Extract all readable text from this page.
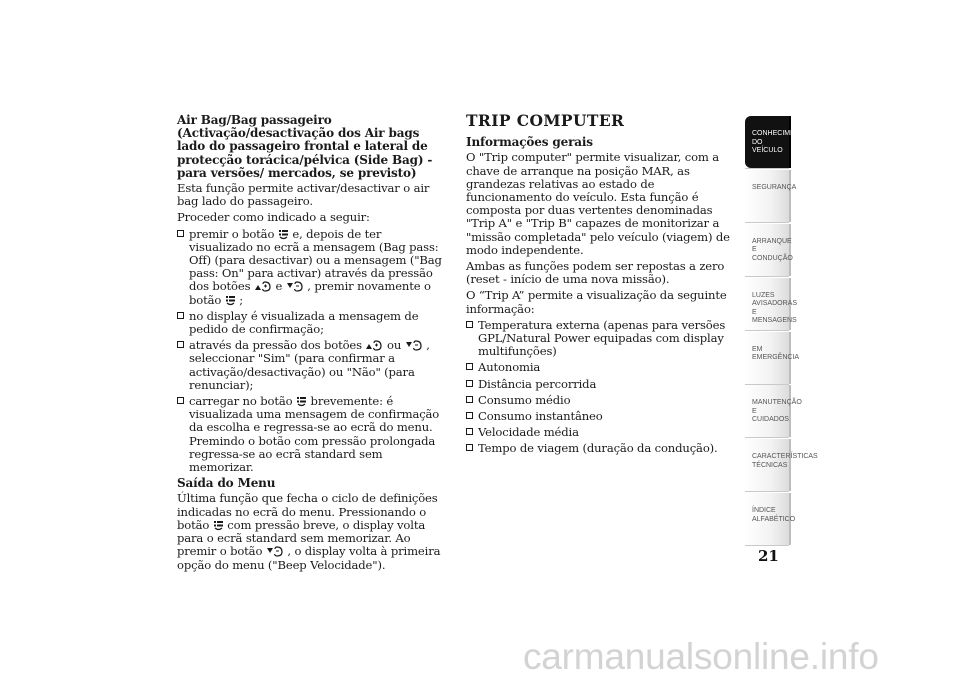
Air Bag/Bag passageiro (Activação/desactivação dos Air bags lado do passageiro frontal e lateral de protecção torácica/pélvica (Side Bag) - para versões/ mercados, se previsto)
Esta função permite activar/desactivar o air bag lado do passageiro.
Proceder como indicado a seguir:
premir o botão e, depois de ter visualizado no ecrã a mensagem (Bag pass: Off) (para desactivar) ou a mensagem ("Bag pass: On" para activar) através da pressão dos botões e , premir novamente o botão ;
no display é visualizada a mensagem de pedido de confirmação;
através da pressão dos botões ou , seleccionar "Sim" (para confirmar a activação/desactivação) ou "Não" (para renunciar);
carregar no botão brevemente: é visualizada uma mensagem de confirmação da escolha e regressa-se ao ecrã do menu. Premindo o botão com pressão prolongada regressa-se ao ecrã standard sem memorizar.
Saída do Menu
Última função que fecha o ciclo de definições indicadas no ecrã do menu. Pressionando o botão com pressão breve, o display volta para o ecrã standard sem memorizar. Ao premir o botão , o display volta à primeira opção do menu ("Beep Velocidade").
TRIP COMPUTER
Informações gerais
O "Trip computer" permite visualizar, com a chave de arranque na posição MAR, as grandezas relativas ao estado de funcionamento do veículo. Esta função é composta por duas vertentes denominadas "Trip A" e "Trip B" capazes de monitorizar a "missão completada" pelo veículo (viagem) de modo independente.
Ambas as funções podem ser repostas a zero (reset - início de uma nova missão).
O “Trip A” permite a visualização da seguinte informação:
Temperatura externa (apenas para versões GPL/Natural Power equipadas com display multifunções)
Autonomia
Distância percorrida
Consumo médio
Consumo instantâneo
Velocidade média
Tempo de viagem (duração da condução).
CONHECIMENTO DO VEÍCULO
SEGURANÇA
ARRANQUE E CONDUÇÃO
LUZES AVISADORAS E MENSAGENS
EM EMERGÊNCIA
MANUTENÇÃO E CUIDADOS
CARACTERÍSTICAS TÉCNICAS
ÍNDICE ALFABÉTICO
21
carmanualsonline.info
